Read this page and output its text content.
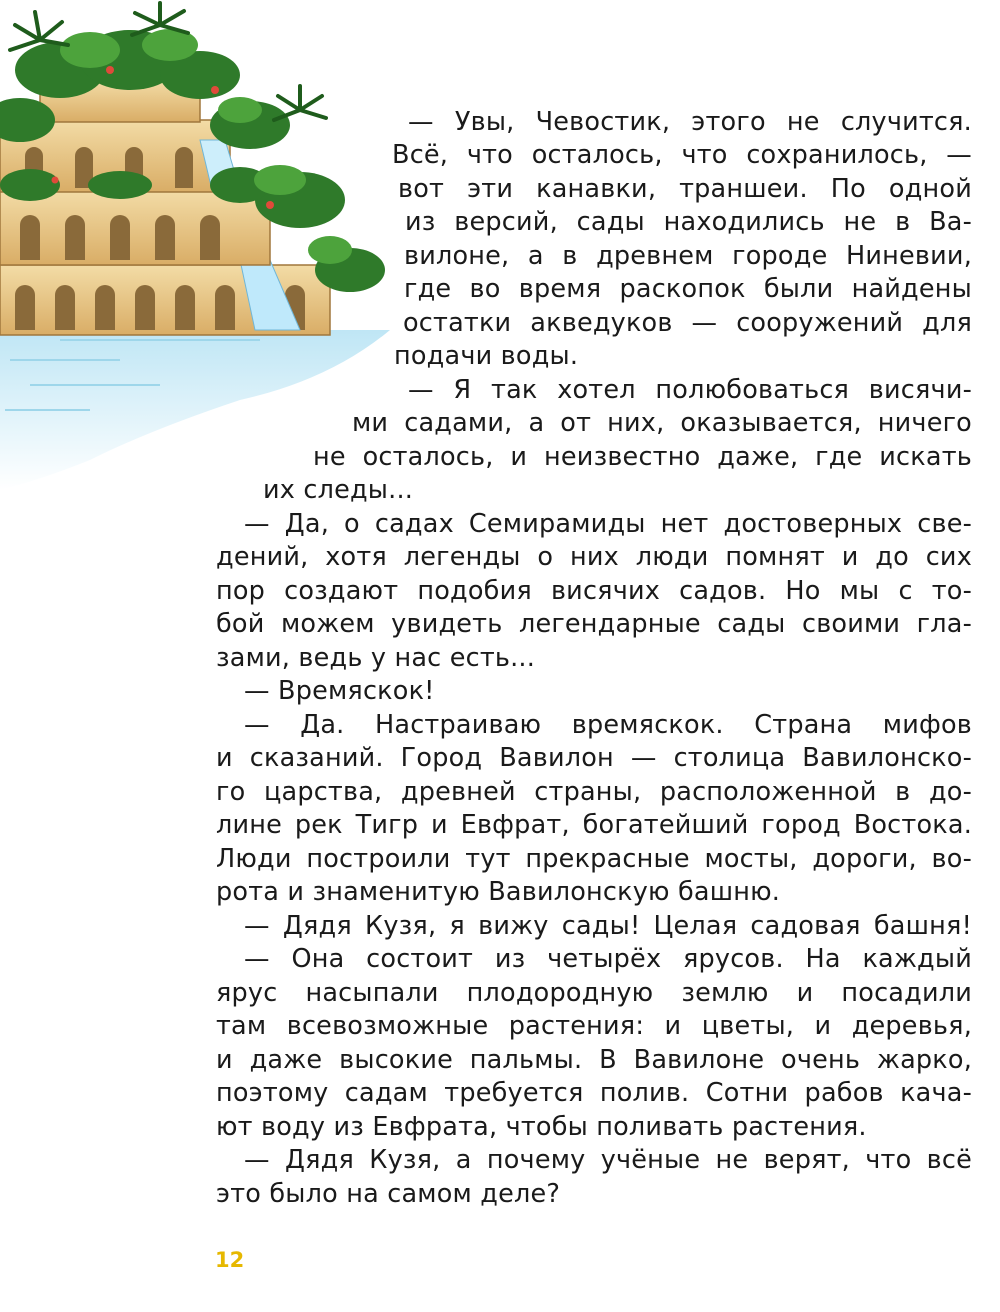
— Увы, Чевостик, этого не случится.
Всё, что осталось, что сохранилось, —
вот эти канавки, траншеи. По одной
из версий, сады находились не в Ва-
вилоне, а в древнем городе Ниневии,
где во время раскопок были найдены
остатки акведуков — сооружений для
подачи воды.
— Я так хотел полюбоваться висячи-
ми садами, а от них, оказывается, ничего
не осталось, и неизвестно даже, где искать
их следы...
— Да, о садах Семирамиды нет достоверных све-
дений, хотя легенды о них люди помнят и до сих
пор создают подобия висячих садов. Но мы с то-
бой можем увидеть легендарные сады своими гла-
зами, ведь у нас есть...
— Времяскок!
— Да. Настраиваю времяскок. Страна мифов
и сказаний. Город Вавилон — столица Вавилонско-
го царства, древней страны, расположенной в до-
лине рек Тигр и Евфрат, богатейший город Востока.
Люди построили тут прекрасные мосты, дороги, во-
рота и знаменитую Вавилонскую башню.
— Дядя Кузя, я вижу сады! Целая садовая башня!
— Она состоит из четырёх ярусов. На каждый
ярус насыпали плодородную землю и посадили
там всевозможные растения: и цветы, и деревья,
и даже высокие пальмы. В Вавилоне очень жарко,
поэтому садам требуется полив. Сотни рабов кача-
ют воду из Евфрата, чтобы поливать растения.
— Дядя Кузя, а почему учёные не верят, что всё
это было на самом деле?
12
